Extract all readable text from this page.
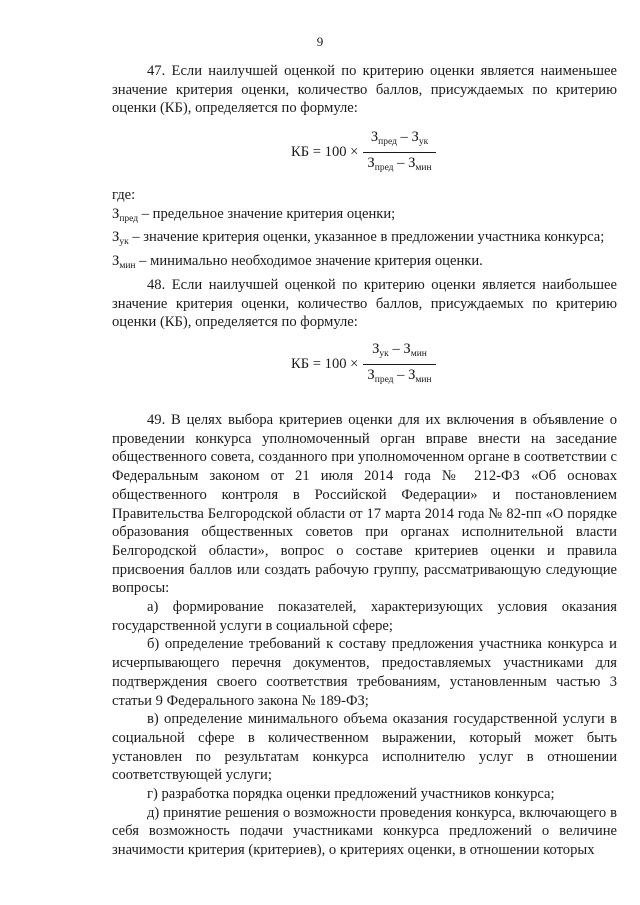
9

47. Если наилучшей оценкой по критерию оценки является наименьшее значение критерия оценки, количество баллов, присуждаемых по критерию оценки (КБ), определяется по формуле:

КБ = $100 \times \frac{З_{пред} - З_{ук}}{З_{пред} - З_{мин}}$

где:

$З_{пред}$ – предельное значение критерия оценки;

$З_{ук}$ – значение критерия оценки, указанное в предложении участника конкурса;

$З_{мин}$ – минимально необходимое значение критерия оценки.

48. Если наилучшей оценкой по критерию оценки является наибольшее значение критерия оценки, количество баллов, присуждаемых по критерию оценки (КБ), определяется по формуле:

КБ = $100 \times \frac{З_{ук} - З_{мин}}{З_{пред} - З_{мин}}$

49. В целях выбора критериев оценки для их включения в объявление о проведении конкурса уполномоченный орган вправе внести на заседание общественного совета, созданного при уполномоченном органе в соответствии с Федеральным законом от 21 июля 2014 года № 212-ФЗ «Об основах общественного контроля в Российской Федерации» и постановлением Правительства Белгородской области от 17 марта 2014 года № 82-пп «О порядке образования общественных советов при органах исполнительной власти Белгородской области», вопрос о составе критериев оценки и правила присвоения баллов или создать рабочую группу, рассматривающую следующие вопросы:

а) формирование показателей, характеризующих условия оказания государственной услуги в социальной сфере;

б) определение требований к составу предложения участника конкурса и исчерпывающего перечня документов, предоставляемых участниками для подтверждения своего соответствия требованиям, установленным частью 3 статьи 9 Федерального закона № 189-ФЗ;

в) определение минимального объема оказания государственной услуги в социальной сфере в количественном выражении, который может быть установлен по результатам конкурса исполнителю услуг в отношении соответствующей услуги;

г) разработка порядка оценки предложений участников конкурса;

д) принятие решения о возможности проведения конкурса, включающего в себя возможность подачи участниками конкурса предложений о величине значимости критерия (критериев), о критериях оценки, в отношении которых
